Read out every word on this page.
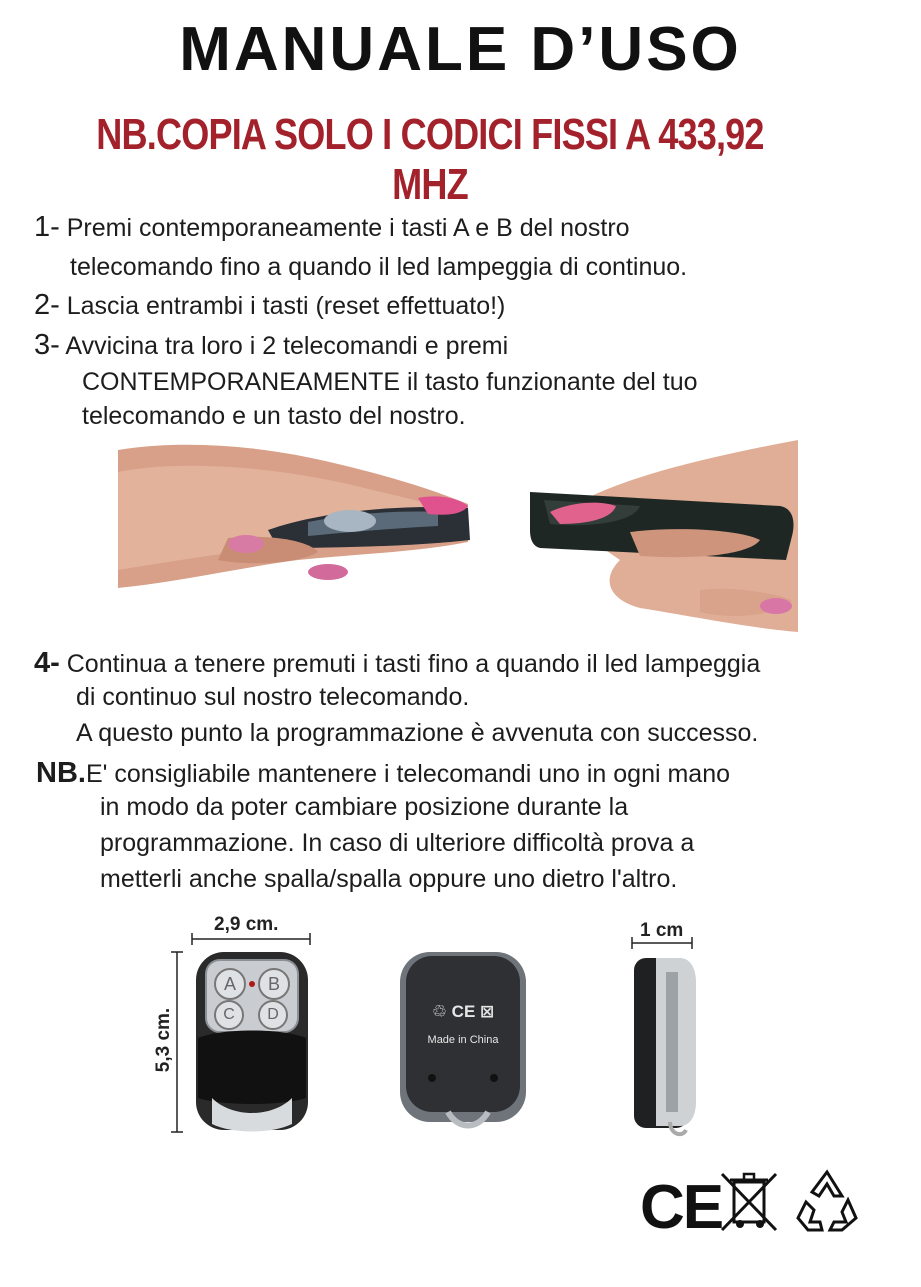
MANUALE D’USO
NB.COPIA SOLO I CODICI FISSI A 433,92 MHZ
1- Premi contemporaneamente i tasti A e B del nostro
telecomando fino a quando il led lampeggia di continuo.
2- Lascia entrambi i tasti (reset effettuato!)
3- Avvicina tra loro i 2 telecomandi e premi
CONTEMPORANEAMENTE il tasto funzionante del tuo
telecomando e un tasto del nostro.
4- Continua a tenere premuti i tasti fino a quando il led lampeggia
di continuo sul nostro telecomando.
A questo punto la programmazione è avvenuta con successo.
NB.E' consigliabile mantenere i telecomandi uno in ogni mano
in modo da poter cambiare posizione durante la
programmazione. In caso di ulteriore difficoltà prova a
metterli anche spalla/spalla oppure uno dietro l'altro.
2,9 cm.
5,3 cm.
A	B
C	D	♲ CE ⊠
Made in China
1 cm
CE
